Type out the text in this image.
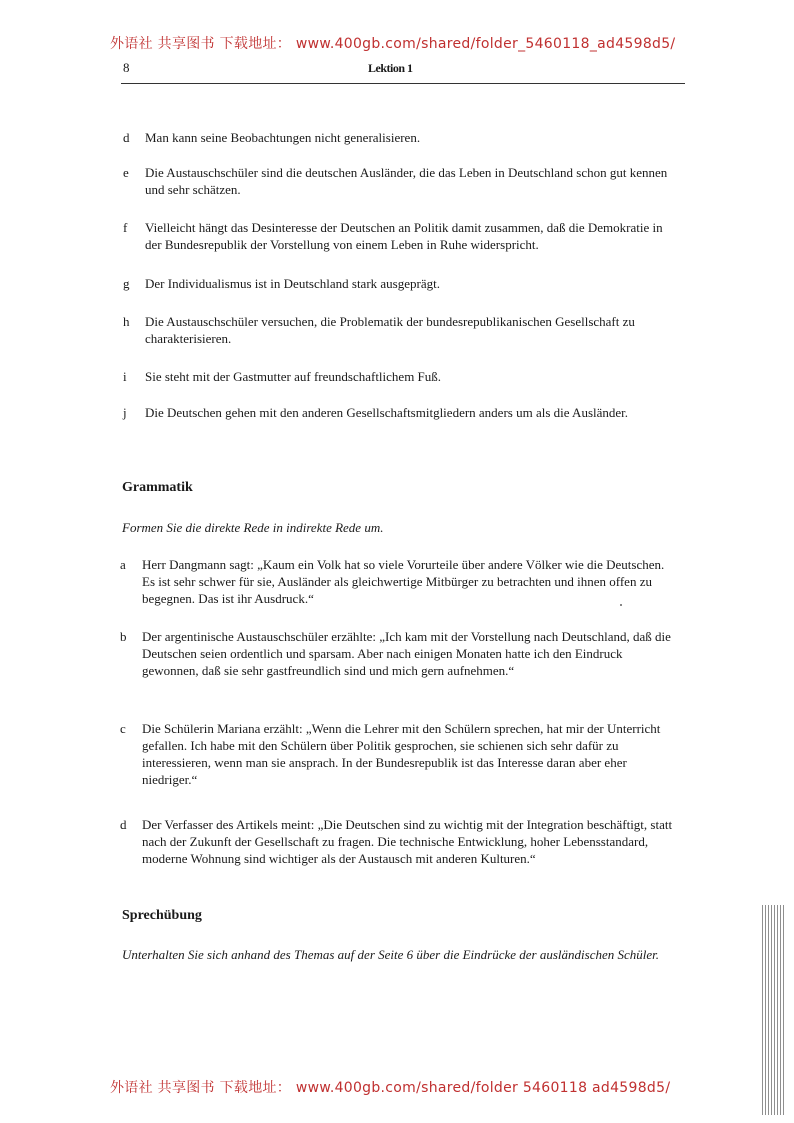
外语社 共享图书 下载地址： www.400gb.com/shared/folder_5460118_ad4598d5/
8	Lektion 1
d Man kann seine Beobachtungen nicht generalisieren.
e Die Austauschschüler sind die deutschen Ausländer, die das Leben in Deutschland schon gut kennen und sehr schätzen.
f Vielleicht hängt das Desinteresse der Deutschen an Politik damit zusammen, daß die Demokratie in der Bundesrepublik der Vorstellung von einem Leben in Ruhe widerspricht.
g Der Individualismus ist in Deutschland stark ausgeprägt.
h Die Austauschschüler versuchen, die Problematik der bundesrepublikanischen Gesellschaft zu charakterisieren.
i Sie steht mit der Gastmutter auf freundschaftlichem Fuß.
j Die Deutschen gehen mit den anderen Gesellschaftsmitgliedern anders um als die Ausländer.
Grammatik
Formen Sie die direkte Rede in indirekte Rede um.
a Herr Dangmann sagt: „Kaum ein Volk hat so viele Vorurteile über andere Völker wie die Deutschen. Es ist sehr schwer für sie, Ausländer als gleichwertige Mitbürger zu betrachten und ihnen offen zu begegnen. Das ist ihr Ausdruck.“
b Der argentinische Austauschschüler erzählte: „Ich kam mit der Vorstellung nach Deutschland, daß die Deutschen seien ordentlich und sparsam. Aber nach einigen Monaten hatte ich den Eindruck gewonnen, daß sie sehr gastfreundlich sind und mich gern aufnehmen.“
c Die Schülerin Mariana erzählt: „Wenn die Lehrer mit den Schülern sprechen, hat mir der Unterricht gefallen. Ich habe mit den Schülern über Politik gesprochen, sie schienen sich sehr dafür zu interessieren, wenn man sie ansprach. In der Bundesrepublik ist das Interesse daran aber eher niedriger.“
d Der Verfasser des Artikels meint: „Die Deutschen sind zu wichtig mit der Integration beschäftigt, statt nach der Zukunft der Gesellschaft zu fragen. Die technische Entwicklung, hoher Lebensstandard, moderne Wohnung sind wichtiger als der Austausch mit anderen Kulturen.“
Sprechübung
Unterhalten Sie sich anhand des Themas auf der Seite 6 über die Eindrücke der ausländischen Schüler.
外语社 共享图书 下载地址： www.400gb.com/shared/folder 5460118 ad4598d5/
